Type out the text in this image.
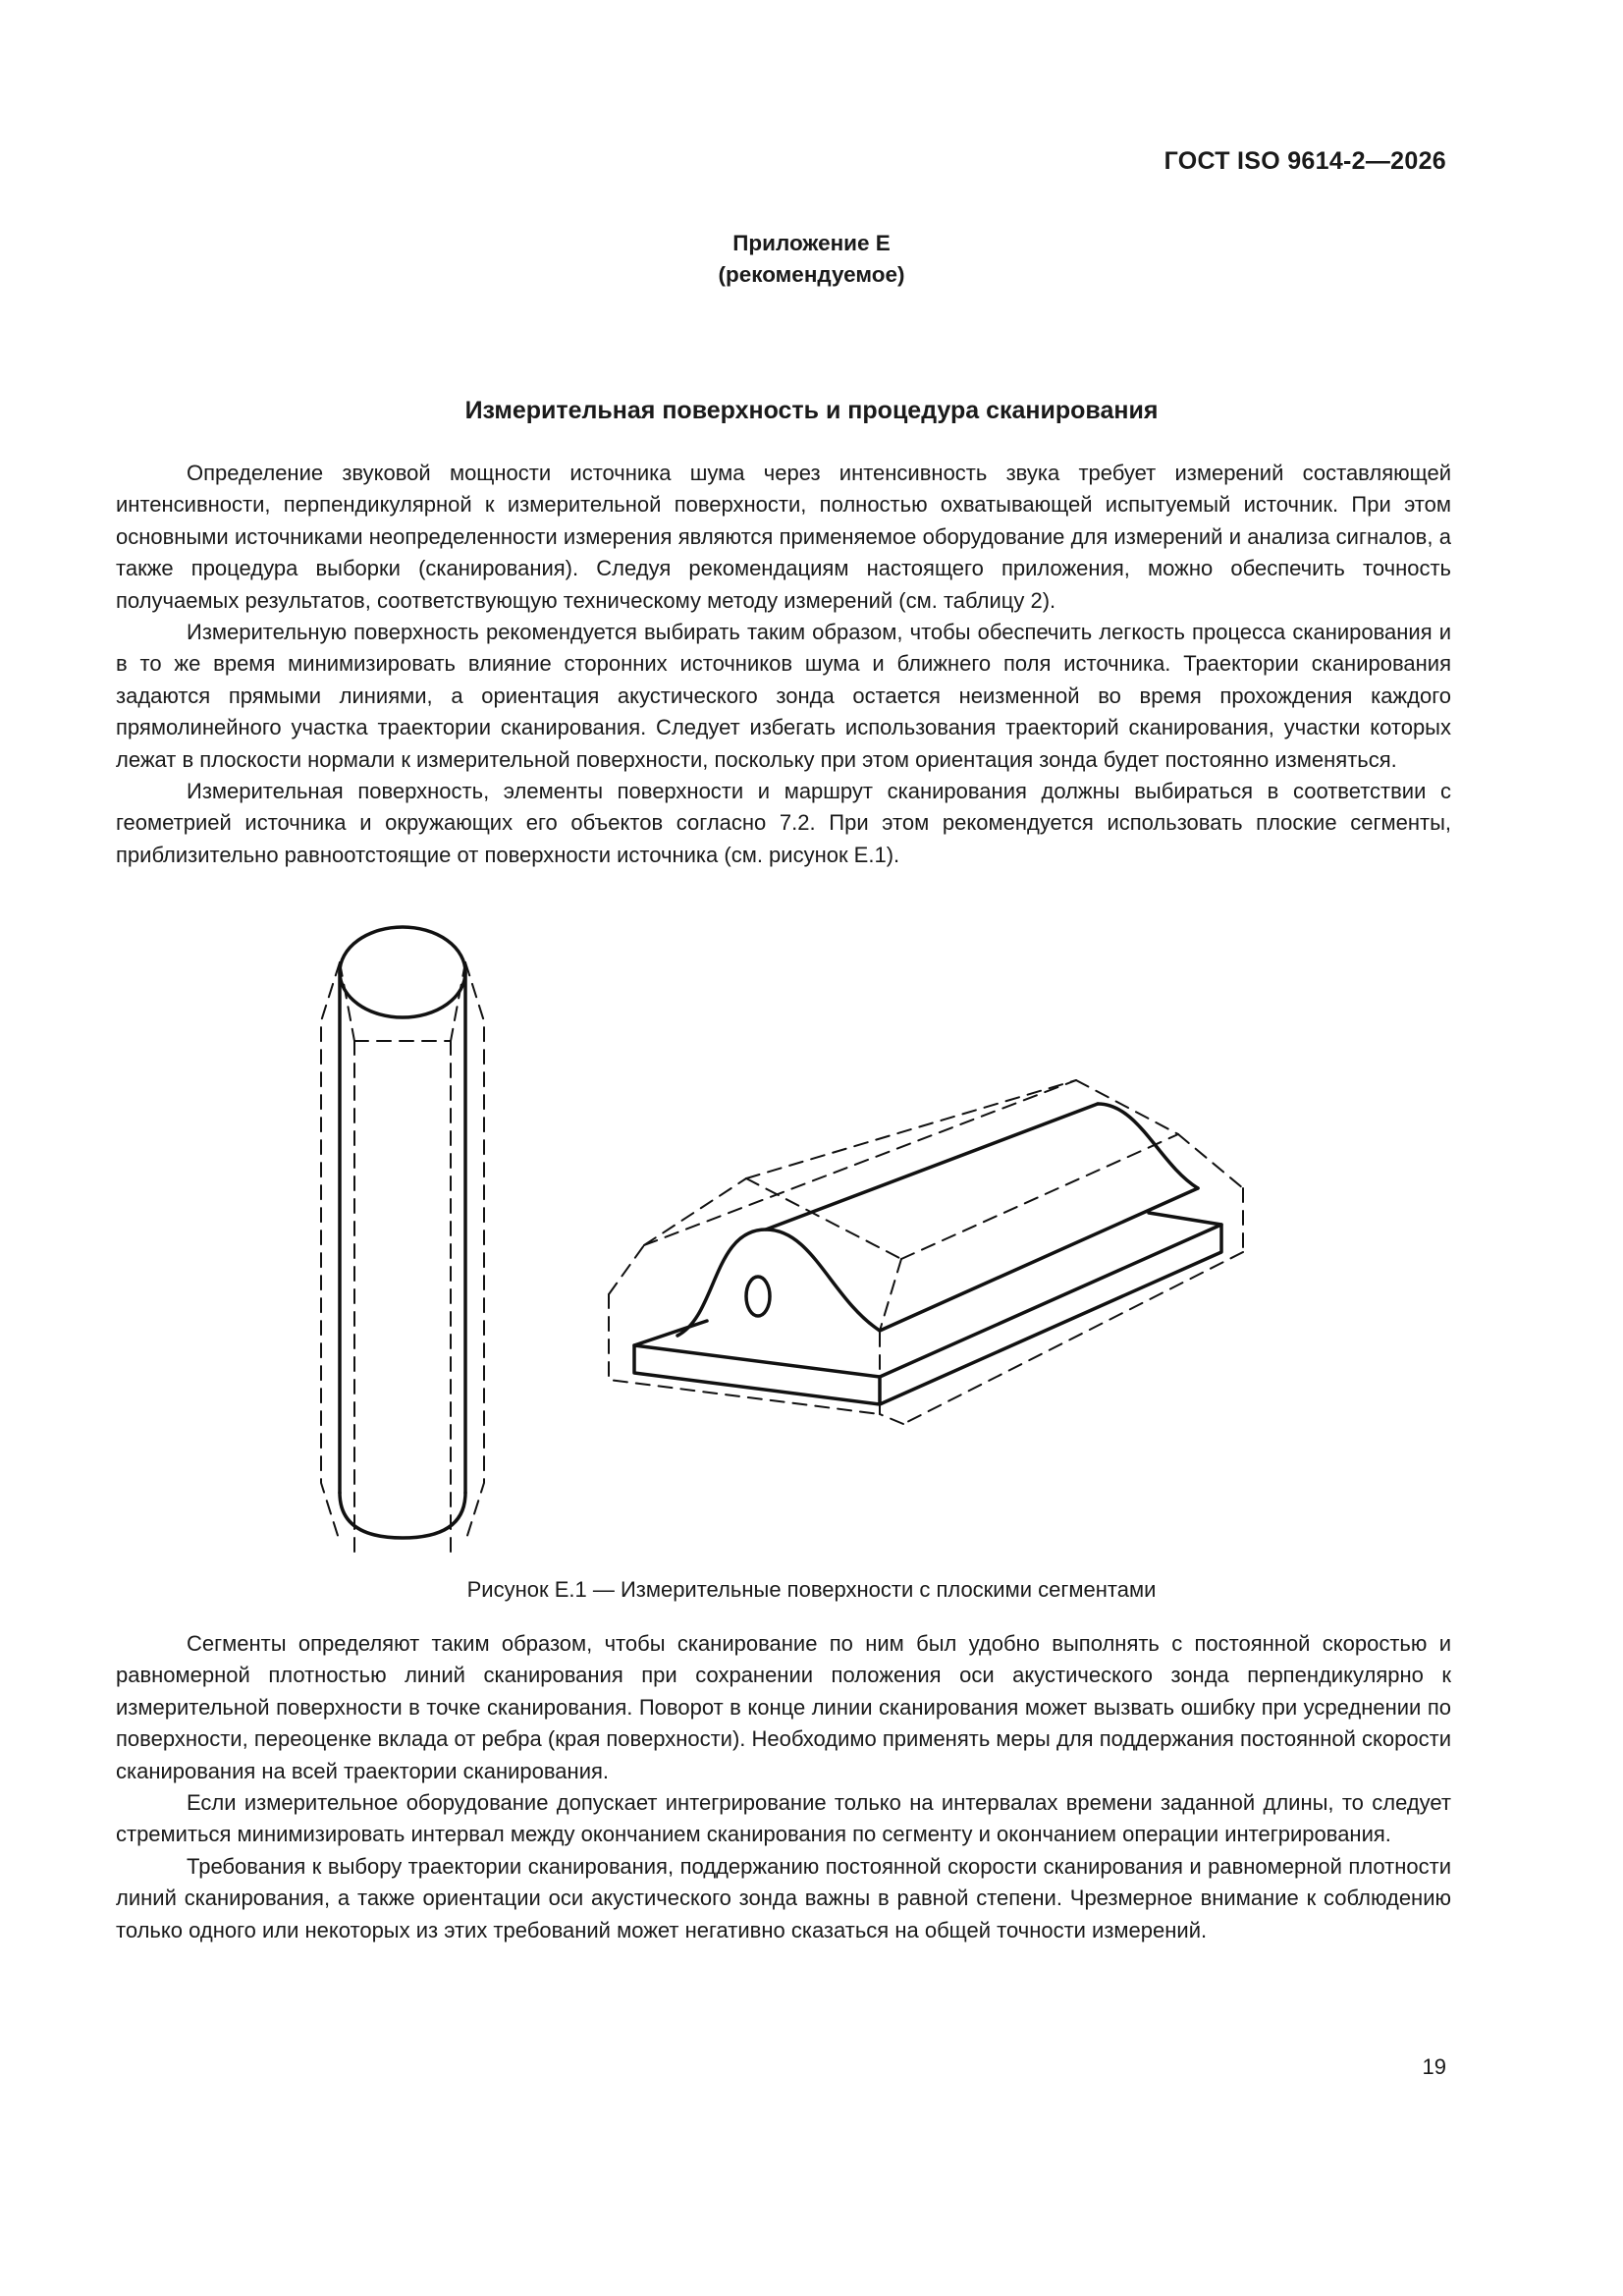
ГОСТ ISO 9614-2—2026
Приложение Е
(рекомендуемое)
Измерительная поверхность и процедура сканирования

Определение звуковой мощности источника шума через интенсивность звука требует измерений составляющей интенсивности, перпендикулярной к измерительной поверхности, полностью охватывающей испытуемый источник. При этом основными источниками неопределенности измерения являются применяемое оборудование для измерений и анализа сигналов, а также процедура выборки (сканирования). Следуя рекомендациям настоящего приложения, можно обеспечить точность получаемых результатов, соответствующую техническому методу измерений (см. таблицу 2).

Измерительную поверхность рекомендуется выбирать таким образом, чтобы обеспечить легкость процесса сканирования и в то же время минимизировать влияние сторонних источников шума и ближнего поля источника. Траектории сканирования задаются прямыми линиями, а ориентация акустического зонда остается неизменной во время прохождения каждого прямолинейного участка траектории сканирования. Следует избегать использования траекторий сканирования, участки которых лежат в плоскости нормали к измерительной поверхности, поскольку при этом ориентация зонда будет постоянно изменяться.

Измерительная поверхность, элементы поверхности и маршрут сканирования должны выбираться в соответствии с геометрией источника и окружающих его объектов согласно 7.2. При этом рекомендуется использовать плоские сегменты, приблизительно равноотстоящие от поверхности источника (см. рисунок Е.1).

Рисунок Е.1 — Измерительные поверхности с плоскими сегментами

Сегменты определяют таким образом, чтобы сканирование по ним был удобно выполнять с постоянной скоростью и равномерной плотностью линий сканирования при сохранении положения оси акустического зонда перпендикулярно к измерительной поверхности в точке сканирования. Поворот в конце линии сканирования может вызвать ошибку при усреднении по поверхности, переоценке вклада от ребра (края поверхности). Необходимо применять меры для поддержания постоянной скорости сканирования на всей траектории сканирования.

Если измерительное оборудование допускает интегрирование только на интервалах времени заданной длины, то следует стремиться минимизировать интервал между окончанием сканирования по сегменту и окончанием операции интегрирования.

Требования к выбору траектории сканирования, поддержанию постоянной скорости сканирования и равномерной плотности линий сканирования, а также ориентации оси акустического зонда важны в равной степени. Чрезмерное внимание к соблюдению только одного или некоторых из этих требований может негативно сказаться на общей точности измерений.

19
